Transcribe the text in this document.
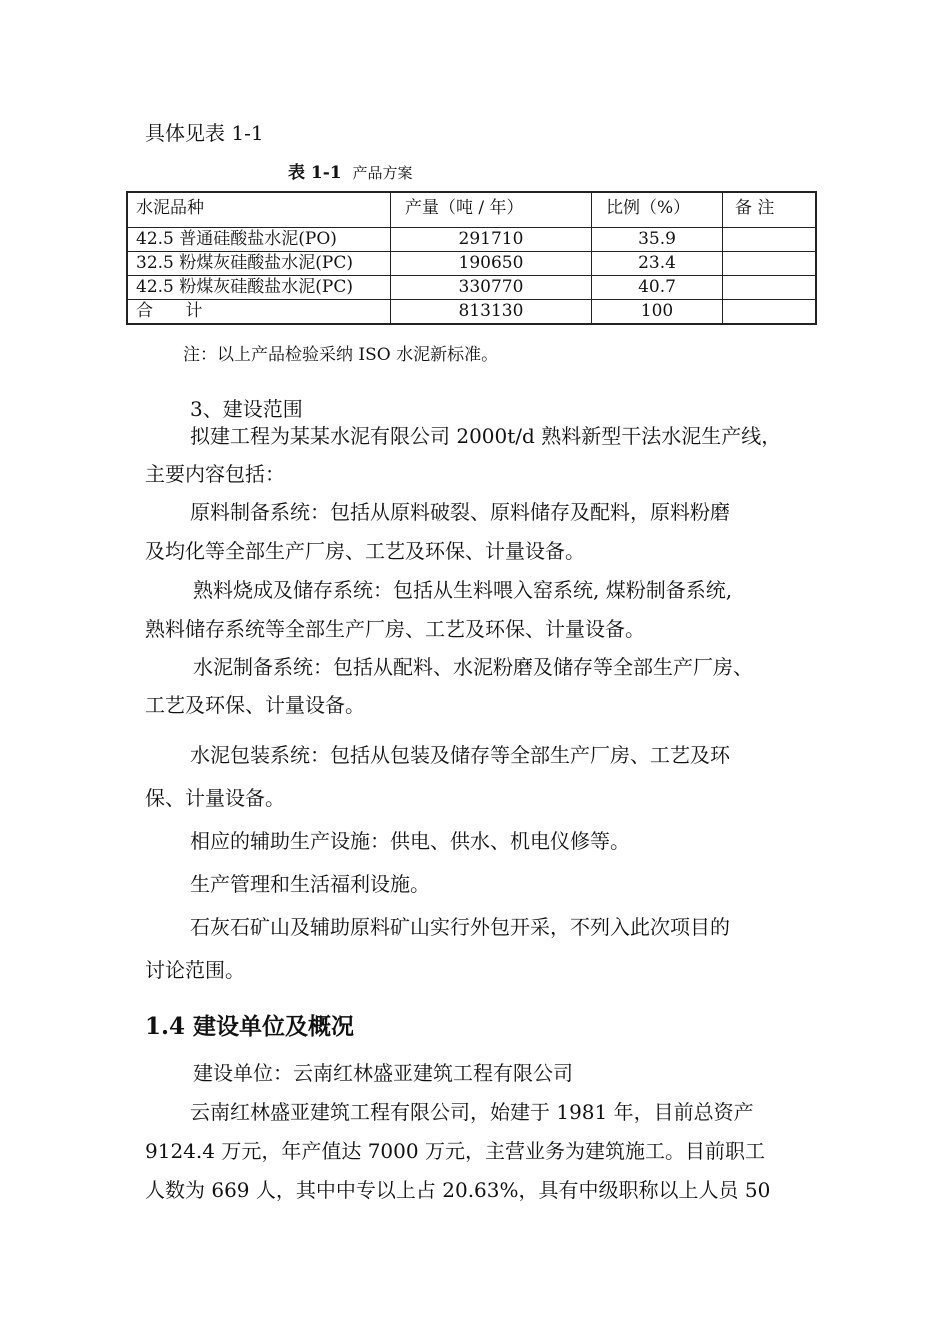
具体见表 1-1
表 1-1 产品方案
水泥品种	产量（吨 / 年）	比例（%）	备 注
42.5 普通硅酸盐水泥(PO)	291710	35.9	
32.5 粉煤灰硅酸盐水泥(PC)	190650	23.4	
42.5 粉煤灰硅酸盐水泥(PC)	330770	40.7	
合      计	813130	100	
注：以上产品检验采纳 ISO 水泥新标准。
3、建设范围
拟建工程为某某水泥有限公司 2000t/d 熟料新型干法水泥生产线，
主要内容包括：
原料制备系统：包括从原料破裂、原料储存及配料，原料粉磨
及均化等全部生产厂房、工艺及环保、计量设备。
熟料烧成及储存系统：包括从生料喂入窑系统, 煤粉制备系统,
熟料储存系统等全部生产厂房、工艺及环保、计量设备。
水泥制备系统：包括从配料、水泥粉磨及储存等全部生产厂房、
工艺及环保、计量设备。
水泥包装系统：包括从包装及储存等全部生产厂房、工艺及环
保、计量设备。
相应的辅助生产设施：供电、供水、机电仪修等。
生产管理和生活福利设施。
石灰石矿山及辅助原料矿山实行外包开采，不列入此次项目的
讨论范围。
1.4 建设单位及概况
建设单位：云南红林盛亚建筑工程有限公司
云南红林盛亚建筑工程有限公司，始建于 1981 年，目前总资产
9124.4 万元，年产值达 7000 万元，主营业务为建筑施工。目前职工
人数为 669 人，其中中专以上占 20.63%，具有中级职称以上人员 50
